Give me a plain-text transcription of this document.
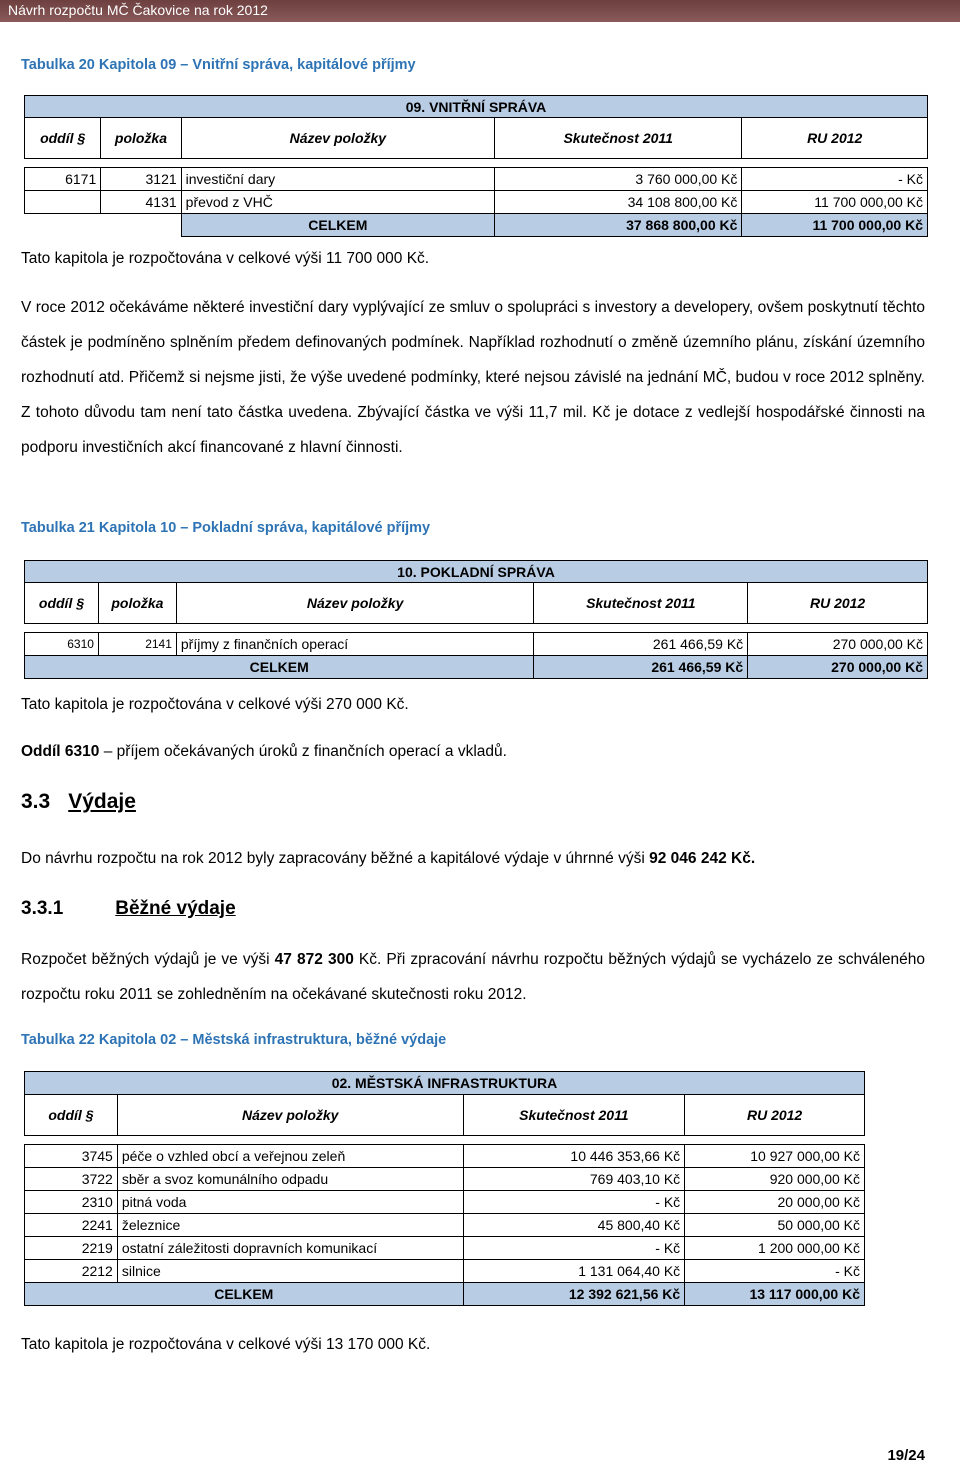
Návrh rozpočtu MČ Čakovice na rok 2012
Tabulka 20 Kapitola 09 – Vnitřní správa, kapitálové příjmy
09. VNITŘNÍ SPRÁVA				
oddíl §	položka	Název položky	Skutečnost 2011	RU 2012

6171	3121	investiční dary	3 760 000,00 Kč	- Kč
	4131	převod z VHČ	34 108 800,00 Kč	11 700 000,00 Kč
		CELKEM	37 868 800,00 Kč	11 700 000,00 Kč
Tato kapitola je rozpočtována v celkové výši 11 700 000 Kč.
V roce 2012 očekáváme některé investiční dary vyplývající ze smluv o spolupráci s investory a developery, ovšem poskytnutí těchto částek je podmíněno splněním předem definovaných podmínek. Například rozhodnutí o změně územního plánu, získání územního rozhodnutí atd. Přičemž si nejsme jisti, že výše uvedené podmínky, které nejsou závislé na jednání MČ, budou v roce 2012 splněny. Z tohoto důvodu tam není tato částka uvedena. Zbývající částka ve výši 11,7 mil. Kč je dotace z vedlejší hospodářské činnosti na podporu investičních akcí financované z hlavní činnosti.
Tabulka 21 Kapitola 10 – Pokladní správa, kapitálové příjmy
10. POKLADNÍ SPRÁVA				
oddíl §	položka	Název položky	Skutečnost 2011	RU 2012

6310	2141	příjmy z finančních operací	261 466,59 Kč	270 000,00 Kč
CELKEM			261 466,59 Kč	270 000,00 Kč
Tato kapitola je rozpočtována v celkové výši 270 000 Kč.
Oddíl 6310 – příjem očekávaných úroků z finančních operací a vkladů.
3.3 Výdaje
Do návrhu rozpočtu na rok 2012 byly zapracovány běžné a kapitálové výdaje v úhrnné výši 92 046 242 Kč.
3.3.1	Běžné výdaje
Rozpočet běžných výdajů je ve výši 47 872 300 Kč. Při zpracování návrhu rozpočtu běžných výdajů se vycházelo ze schváleného rozpočtu roku 2011 se zohledněním na očekávané skutečnosti roku 2012.
Tabulka 22 Kapitola 02 – Městská infrastruktura, běžné výdaje
02. MĚSTSKÁ INFRASTRUKTURA			
oddíl §	Název položky	Skutečnost 2011	RU 2012

3745	péče o vzhled obcí a veřejnou zeleň	10 446 353,66 Kč	10 927 000,00 Kč
3722	sběr a svoz komunálního odpadu	769 403,10 Kč	920 000,00 Kč
2310	pitná voda	- Kč	20 000,00 Kč
2241	železnice	45 800,40 Kč	50 000,00 Kč
2219	ostatní záležitosti dopravních komunikací	- Kč	1 200 000,00 Kč
2212	silnice	1 131 064,40 Kč	- Kč
CELKEM		12 392 621,56 Kč	13 117 000,00 Kč
Tato kapitola je rozpočtována v celkové výši 13 170 000 Kč.
19/24
